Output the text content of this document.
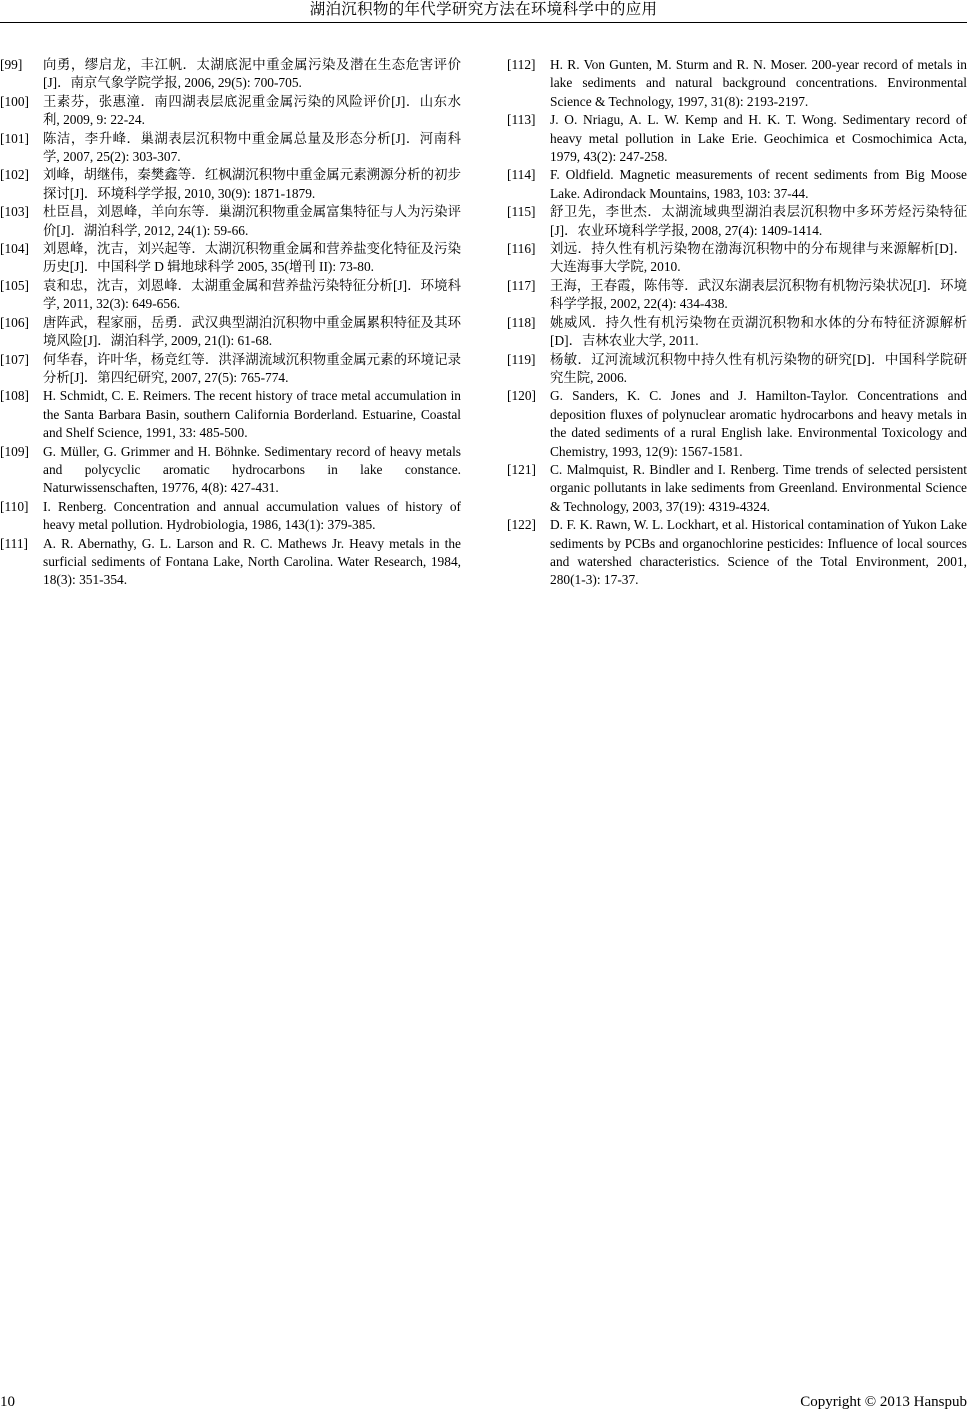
湖泊沉积物的年代学研究方法在环境科学中的应用
[99] 向勇，缪启龙，丰江帆．太湖底泥中重金属污染及潜在生态危害评价[J]．南京气象学院学报, 2006, 29(5): 700-705.
[100] 王素芬，张惠潼．南四湖表层底泥重金属污染的风险评价[J]．山东水利, 2009, 9: 22-24.
[101] 陈洁，李升峰．巢湖表层沉积物中重金属总量及形态分析[J]．河南科学, 2007, 25(2): 303-307.
[102] 刘峰，胡继伟，秦樊鑫等．红枫湖沉积物中重金属元素溯源分析的初步探讨[J]．环境科学学报, 2010, 30(9): 1871-1879.
[103] 杜臣昌，刘恩峰，羊向东等．巢湖沉积物重金属富集特征与人为污染评价[J]．湖泊科学, 2012, 24(1): 59-66.
[104] 刘恩峰，沈吉，刘兴起等．太湖沉积物重金属和营养盐变化特征及污染历史[J]．中国科学 D 辑地球科学 2005, 35(增刊 II): 73-80.
[105] 袁和忠，沈吉，刘恩峰．太湖重金属和营养盐污染特征分析[J]．环境科学, 2011, 32(3): 649-656.
[106] 唐阵武，程家丽，岳勇．武汉典型湖泊沉积物中重金属累积特征及其环境风险[J]．湖泊科学, 2009, 21(l): 61-68.
[107] 何华春，许叶华，杨竞红等．洪泽湖流域沉积物重金属元素的环境记录分析[J]．第四纪研究, 2007, 27(5): 765-774.
[108] H. Schmidt, C. E. Reimers. The recent history of trace metal accumulation in the Santa Barbara Basin, southern California Borderland. Estuarine, Coastal and Shelf Science, 1991, 33: 485-500.
[109] G. Müller, G. Grimmer and H. Böhnke. Sedimentary record of heavy metals and polycyclic aromatic hydrocarbons in lake constance. Naturwissenschaften, 19776, 4(8): 427-431.
[110] I. Renberg. Concentration and annual accumulation values of history of heavy metal pollution. Hydrobiologia, 1986, 143(1): 379-385.
[111] A. R. Abernathy, G. L. Larson and R. C. Mathews Jr. Heavy metals in the surficial sediments of Fontana Lake, North Carolina. Water Research, 1984, 18(3): 351-354.
[112] H. R. Von Gunten, M. Sturm and R. N. Moser. 200-year record of metals in lake sediments and natural background concentrations. Environmental Science & Technology, 1997, 31(8): 2193-2197.
[113] J. O. Nriagu, A. L. W. Kemp and H. K. T. Wong. Sedimentary record of heavy metal pollution in Lake Erie. Geochimica et Cosmochimica Acta, 1979, 43(2): 247-258.
[114] F. Oldfield. Magnetic measurements of recent sediments from Big Moose Lake. Adirondack Mountains, 1983, 103: 37-44.
[115] 舒卫先，李世杰．太湖流域典型湖泊表层沉积物中多环芳烃污染特征[J]．农业环境科学学报, 2008, 27(4): 1409-1414.
[116] 刘远．持久性有机污染物在渤海沉积物中的分布规律与来源解析[D]．大连海事大学院, 2010.
[117] 王海，王春霞，陈伟等．武汉东湖表层沉积物有机物污染状况[J]．环境科学学报, 2002, 22(4): 434-438.
[118] 姚威风．持久性有机污染物在贡湖沉积物和水体的分布特征济源解析[D]．吉林农业大学, 2011.
[119] 杨敏．辽河流域沉积物中持久性有机污染物的研究[D]．中国科学院研究生院, 2006.
[120] G. Sanders, K. C. Jones and J. Hamilton-Taylor. Concentrations and deposition fluxes of polynuclear aromatic hydrocarbons and heavy metals in the dated sediments of a rural English lake. Environmental Toxicology and Chemistry, 1993, 12(9): 1567-1581.
[121] C. Malmquist, R. Bindler and I. Renberg. Time trends of selected persistent organic pollutants in lake sediments from Greenland. Environmental Science & Technology, 2003, 37(19): 4319-4324.
[122] D. F. K. Rawn, W. L. Lockhart, et al. Historical contamination of Yukon Lake sediments by PCBs and organochlorine pesticides: Influence of local sources and watershed characteristics. Science of the Total Environment, 2001, 280(1-3): 17-37.
10	Copyright © 2013 Hanspub
